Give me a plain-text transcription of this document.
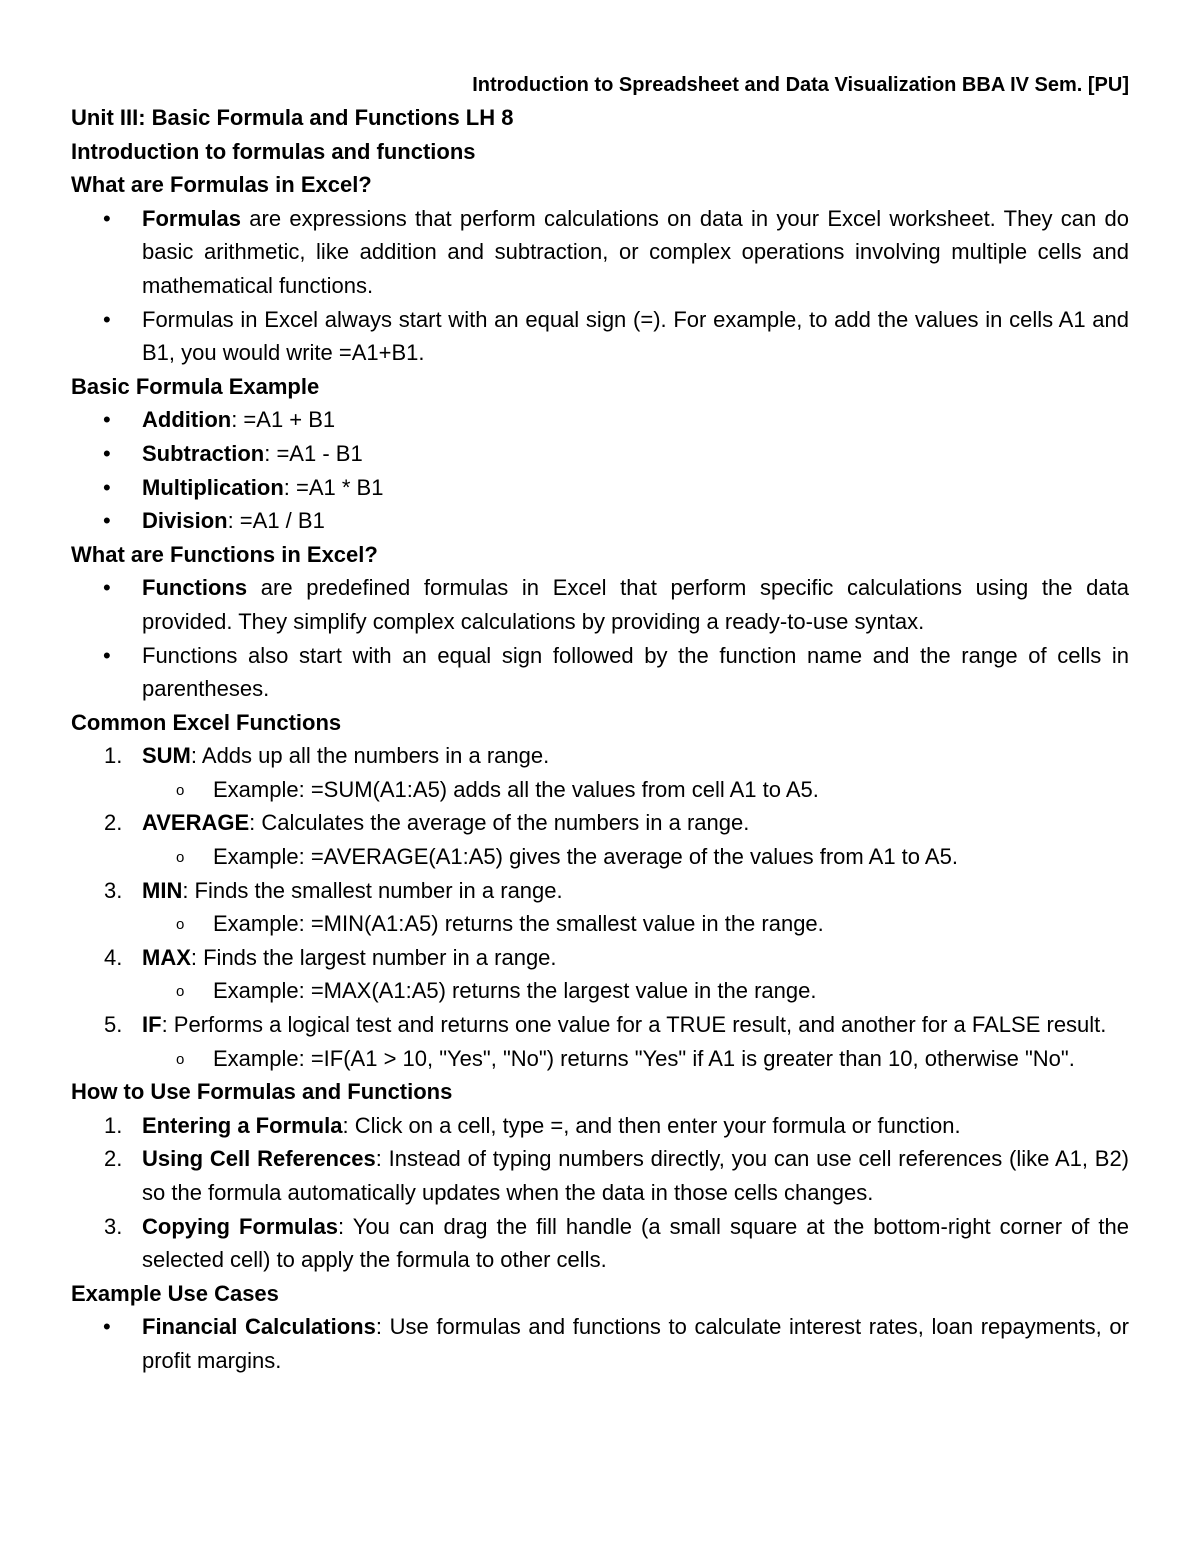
Introduction to Spreadsheet and Data Visualization BBA IV Sem. [PU]

Unit III: Basic Formula and Functions LH 8

Introduction to formulas and functions

What are Formulas in Excel?

• Formulas are expressions that perform calculations on data in your Excel worksheet. They can do basic arithmetic, like addition and subtraction, or complex operations involving multiple cells and mathematical functions.
• Formulas in Excel always start with an equal sign (=). For example, to add the values in cells A1 and B1, you would write =A1+B1.

Basic Formula Example

• Addition: =A1 + B1
• Subtraction: =A1 - B1
• Multiplication: =A1 * B1
• Division: =A1 / B1

What are Functions in Excel?

• Functions are predefined formulas in Excel that perform specific calculations using the data provided. They simplify complex calculations by providing a ready-to-use syntax.
• Functions also start with an equal sign followed by the function name and the range of cells in parentheses.

Common Excel Functions

1. SUM: Adds up all the numbers in a range.
o Example: =SUM(A1:A5) adds all the values from cell A1 to A5.
2. AVERAGE: Calculates the average of the numbers in a range.
o Example: =AVERAGE(A1:A5) gives the average of the values from A1 to A5.
3. MIN: Finds the smallest number in a range.
o Example: =MIN(A1:A5) returns the smallest value in the range.
4. MAX: Finds the largest number in a range.
o Example: =MAX(A1:A5) returns the largest value in the range.
5. IF: Performs a logical test and returns one value for a TRUE result, and another for a FALSE result.
o Example: =IF(A1 > 10, "Yes", "No") returns "Yes" if A1 is greater than 10, otherwise "No".

How to Use Formulas and Functions

1. Entering a Formula: Click on a cell, type =, and then enter your formula or function.
2. Using Cell References: Instead of typing numbers directly, you can use cell references (like A1, B2) so the formula automatically updates when the data in those cells changes.
3. Copying Formulas: You can drag the fill handle (a small square at the bottom-right corner of the selected cell) to apply the formula to other cells.

Example Use Cases

• Financial Calculations: Use formulas and functions to calculate interest rates, loan repayments, or profit margins.
